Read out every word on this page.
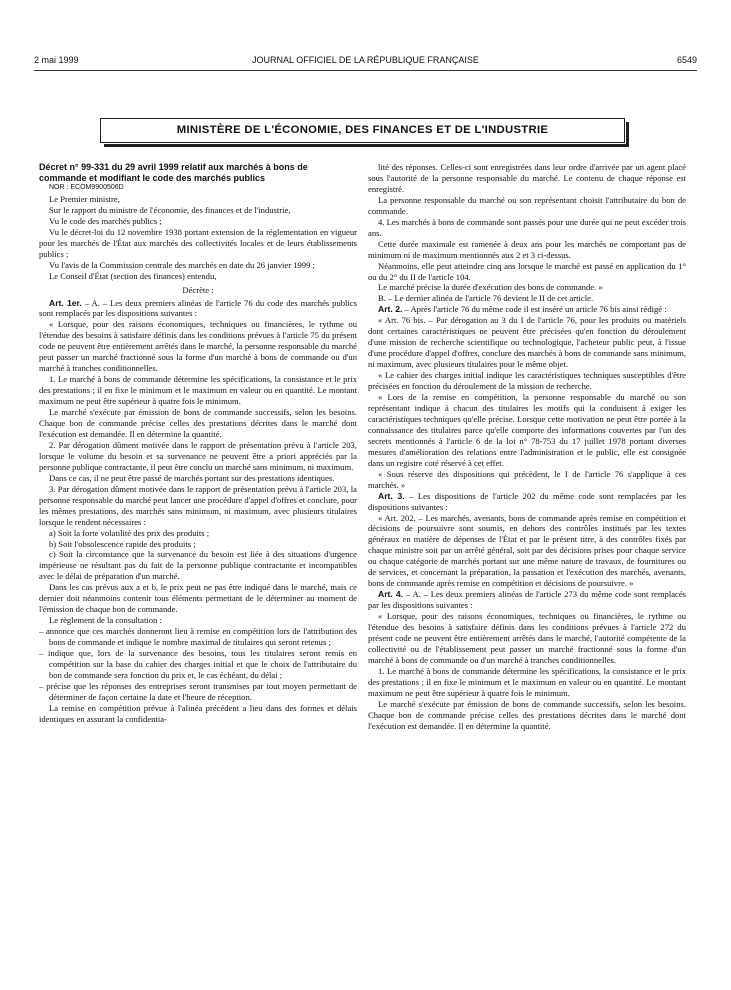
2 mai 1999	JOURNAL OFFICIEL DE LA RÉPUBLIQUE FRANÇAISE	6549
MINISTÈRE DE L'ÉCONOMIE, DES FINANCES ET DE L'INDUSTRIE

Décret n° 99-331 du 29 avril 1999 relatif aux marchés à bons de commande et modifiant le code des marchés publics

NOR : ECOM9900506D

Le Premier ministre,

Sur le rapport du ministre de l'économie, des finances et de l'industrie,

Vu le code des marchés publics ;

Vu le décret-loi du 12 novembre 1938 portant extension de la réglementation en vigueur pour les marchés de l'État aux marchés des collectivités locales et de leurs établissements publics ;

Vu l'avis de la Commission centrale des marchés en date du 26 janvier 1999 ;

Le Conseil d'État (section des finances) entendu,

Décrète :

Art. 1er. – A. – Les deux premiers alinéas de l'article 76 du code des marchés publics sont remplacés par les dispositions suivantes :

« Lorsque, pour des raisons économiques, techniques ou financières, le rythme ou l'étendue des besoins à satisfaire définis dans les conditions prévues à l'article 75 du présent code ne peuvent être entièrement arrêtés dans le marché, la personne responsable du marché peut passer un marché fractionné sous la forme d'un marché à bons de commande ou d'un marché à tranches conditionnelles.

1. Le marché à bons de commande détermine les spécifications, la consistance et le prix des prestations ; il en fixe le minimum et le maximum en valeur ou en quantité. Le montant maximum ne peut être supérieur à quatre fois le minimum.

Le marché s'exécute par émission de bons de commande successifs, selon les besoins. Chaque bon de commande précise celles des prestations décrites dans le marché dont l'exécution est demandée. Il en détermine la quantité.

2. Par dérogation dûment motivée dans le rapport de présentation prévu à l'article 203, lorsque le volume du besoin et sa survenance ne peuvent être a priori appréciés par la personne publique contractante, il peut être conclu un marché sans minimum, ni maximum.

Dans ce cas, il ne peut être passé de marchés portant sur des prestations identiques.

3. Par dérogation dûment motivée dans le rapport de présentation prévu à l'article 203, la personne responsable du marché peut lancer une procédure d'appel d'offres et conclure, pour les mêmes prestations, des marchés sans minimum, ni maximum, avec plusieurs titulaires lorsque le rendent nécessaires :

a) Soit la forte volatilité des prix des produits ;

b) Soit l'obsolescence rapide des produits ;

c) Soit la circonstance que la survenance du besoin est liée à des situations d'urgence impérieuse ne résultant pas du fait de la personne publique contractante et incompatibles avec le délai de préparation d'un marché.

Dans les cas prévus aux a et b, le prix peut ne pas être indiqué dans le marché, mais ce dernier doit néanmoins contenir tous éléments permettant de le déterminer au moment de l'émission de chaque bon de commande.

Le règlement de la consultation :

– annonce que ces marchés donneront lieu à remise en compétition lors de l'attribution des bons de commande et indique le nombre maximal de titulaires qui seront retenus ;

– indique que, lors de la survenance des besoins, tous les titulaires seront remis en compétition sur la base du cahier des charges initial et que le choix de l'attributaire du bon de commande sera fonction du prix et, le cas échéant, du délai ;

– précise que les réponses des entreprises seront transmises par tout moyen permettant de déterminer de façon certaine la date et l'heure de réception.

La remise en compétition prévue à l'alinéa précédent a lieu dans des formes et délais identiques en assurant la confidentia-

lité des réponses. Celles-ci sont enregistrées dans leur ordre d'arrivée par un agent placé sous l'autorité de la personne responsable du marché. Le contenu de chaque réponse est enregistré.

La personne responsable du marché ou son représentant choisit l'attributaire du bon de commande.

4. Les marchés à bons de commande sont passés pour une durée qui ne peut excéder trois ans.

Cette durée maximale est ramenée à deux ans pour les marchés ne comportant pas de minimum ni de maximum mentionnés aux 2 et 3 ci-dessus.

Néanmoins, elle peut atteindre cinq ans lorsque le marché est passé en application du 1° ou du 2° du II de l'article 104.

Le marché précise la durée d'exécution des bons de commande. »

B. – Le dernier alinéa de l'article 76 devient le II de cet article.

Art. 2. – Après l'article 76 du même code il est inséré un article 76 bis ainsi rédigé :

« Art. 76 bis. – Par dérogation au 3 du I de l'article 76, pour les produits ou matériels dont certaines caractéristiques ne peuvent être précisées qu'en fonction du déroulement d'une mission de recherche scientifique ou technologique, l'acheteur public peut, à l'issue d'une procédure d'appel d'offres, conclure des marchés à bons de commande sans minimum, ni maximum, avec plusieurs titulaires pour le même objet.

« Le cahier des charges initial indique les caractéristiques techniques susceptibles d'être précisées en fonction du déroulement de la mission de recherche.

« Lors de la remise en compétition, la personne responsable du marché ou son représentant indique à chacun des titulaires les motifs qui la conduisent à exiger les caractéristiques techniques qu'elle précise. Lorsque cette motivation ne peut être portée à la connaissance des titulaires parce qu'elle comporte des informations couvertes par l'un des secrets mentionnés à l'article 6 de la loi n° 78-753 du 17 juillet 1978 portant diverses mesures d'amélioration des relations entre l'administration et le public, elle est consignée dans un registre coté réservé à cet effet.

« Sous réserve des dispositions qui précèdent, le I de l'article 76 s'applique à ces marchés. »

Art. 3. – Les dispositions de l'article 202 du même code sont remplacées par les dispositions suivantes :

« Art. 202. – Les marchés, avenants, bons de commande après remise en compétition et décisions de poursuivre sont soumis, en dehors des contrôles institués par les textes généraux en matière de dépenses de l'État et par le présent titre, à des contrôles fixés par chaque ministre soit par un arrêté général, soit par des décisions prises pour chaque service ou chaque catégorie de marchés portant sur une même nature de travaux, de fournitures ou de services, et concernant la préparation, la passation et l'exécution des marchés, avenants, bons de commande après remise en compétition et décisions de poursuivre. »

Art. 4. – A. – Les deux premiers alinéas de l'article 273 du même code sont remplacés par les dispositions suivantes :

« Lorsque, pour des raisons économiques, techniques ou financières, le rythme ou l'étendue des besoins à satisfaire définis dans les conditions prévues à l'article 272 du présent code ne peuvent être entièrement arrêtés dans le marché, l'autorité compétente de la collectivité ou de l'établissement peut passer un marché fractionné sous la forme d'un marché à bons de commande ou d'un marché à tranches conditionnelles.

1. Le marché à bons de commande détermine les spécifications, la consistance et le prix des prestations ; il en fixe le minimum et le maximum en valeur ou en quantité. Le montant maximum ne peut être supérieur à quatre fois le minimum.

Le marché s'exécute par émission de bons de commande successifs, selon les besoins. Chaque bon de commande précise celles des prestations décrites dans le marché dont l'exécution est demandée. Il en détermine la quantité.
